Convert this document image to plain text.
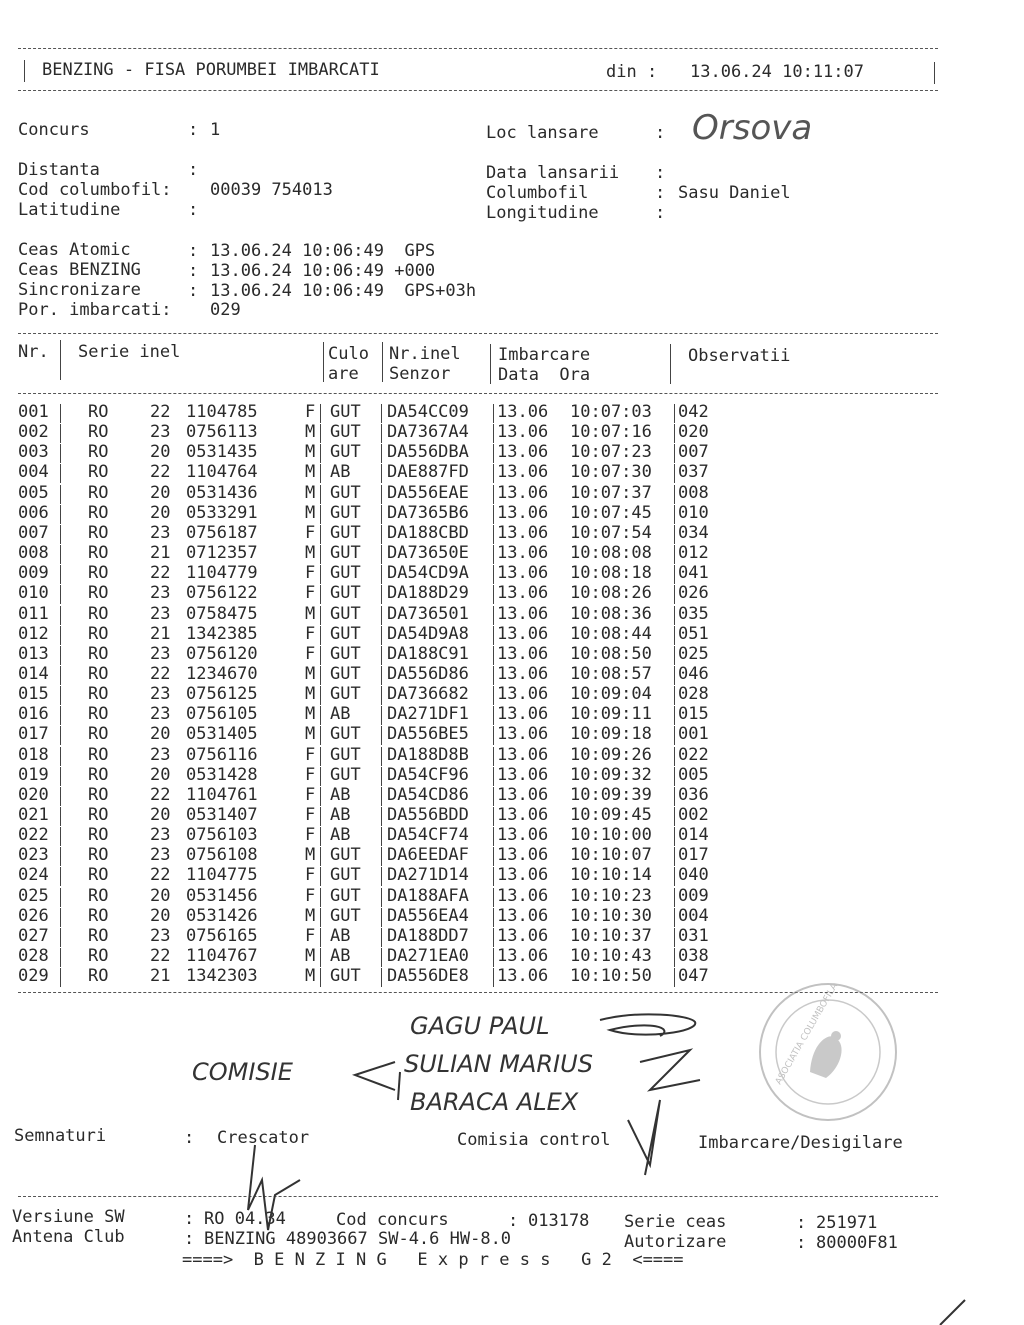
BENZING - FISA PORUMBEI IMBARCATI	din : 13.06.24 10:11:07
Concurs	: 1	Loc lansare	: Orsova
Distanta	:	Data lansarii :
Cod columbofil: 00039 754013	Columbofil	: Sasu Daniel
Latitudine	:	Longitudine	:
Ceas Atomic	: 13.06.24 10:06:49  GPS
Ceas BENZING	: 13.06.24 10:06:49 +000
Sincronizare	: 13.06.24 10:06:49  GPS+03h
Por. imbarcati: 029
Nr. Serie inel	Culo
are
Nr.inel
Senzor
Imbarcare
Data  Ora
Observatii
001 RO 22 1104785	F GUT DA54CC09 13.06 10:07:03 042
002 RO 23 0756113	M GUT DA7367A4 13.06 10:07:16 020
003 RO 20 0531435	M GUT DA556DBA 13.06 10:07:23 007
004 RO 22 1104764	M AB DAE887FD 13.06 10:07:30 037
005 RO 20 0531436	M GUT DA556EAE 13.06 10:07:37 008
006 RO 20 0533291	M GUT DA7365B6 13.06 10:07:45 010
007 RO 23 0756187	F GUT DA188CBD 13.06 10:07:54 034
008 RO 21 0712357	M GUT DA73650E 13.06 10:08:08 012
009 RO 22 1104779	F GUT DA54CD9A 13.06 10:08:18 041
010 RO 23 0756122	F GUT DA188D29 13.06 10:08:26 026
011 RO 23 0758475	M GUT DA736501 13.06 10:08:36 035
012 RO 21 1342385	F GUT DA54D9A8 13.06 10:08:44 051
013 RO 23 0756120	F GUT DA188C91 13.06 10:08:50 025
014 RO 22 1234670	M GUT DA556D86 13.06 10:08:57 046
015 RO 23 0756125	M GUT DA736682 13.06 10:09:04 028
016 RO 23 0756105	M AB DA271DF1 13.06 10:09:11 015
017 RO 20 0531405	M GUT DA556BE5 13.06 10:09:18 001
018 RO 23 0756116	F GUT DA188D8B 13.06 10:09:26 022
019 RO 20 0531428	F GUT DA54CF96 13.06 10:09:32 005
020 RO 22 1104761	F AB DA54CD86 13.06 10:09:39 036
021 RO 20 0531407	F AB DA556BDD 13.06 10:09:45 002
022 RO 23 0756103	F AB DA54CF74 13.06 10:10:00 014
023 RO 23 0756108	M GUT DA6EEDAF 13.06 10:10:07 017
024 RO 22 1104775	F GUT DA271D14 13.06 10:10:14 040
025 RO 20 0531456	F GUT DA188AFA 13.06 10:10:23 009
026 RO 20 0531426	M GUT DA556EA4 13.06 10:10:30 004
027 RO 23 0756165	F AB DA188DD7 13.06 10:10:37 031
028 RO 22 1104767	M AB DA271EA0 13.06 10:10:43 038
029 RO 21 1342303	M GUT DA556DE8 13.06 10:10:50 047
COMISIE
GAGU PAUL
SULIAN MARIUS
BARACA ALEX
Semnaturi	: Crescator	Comisia control	Imbarcare/Desigilare
Versiune SW	: RO 04.34	Cod concurs	: 013178 Serie ceas	: 251971
Antena Club	: BENZING 48903667 SW-4.6 HW-8.0	Autorizare	: 80000F81
====>  B E N Z I N G   E x p r e s s   G 2  <====
ASOCIATIA COLUMBOFILA
